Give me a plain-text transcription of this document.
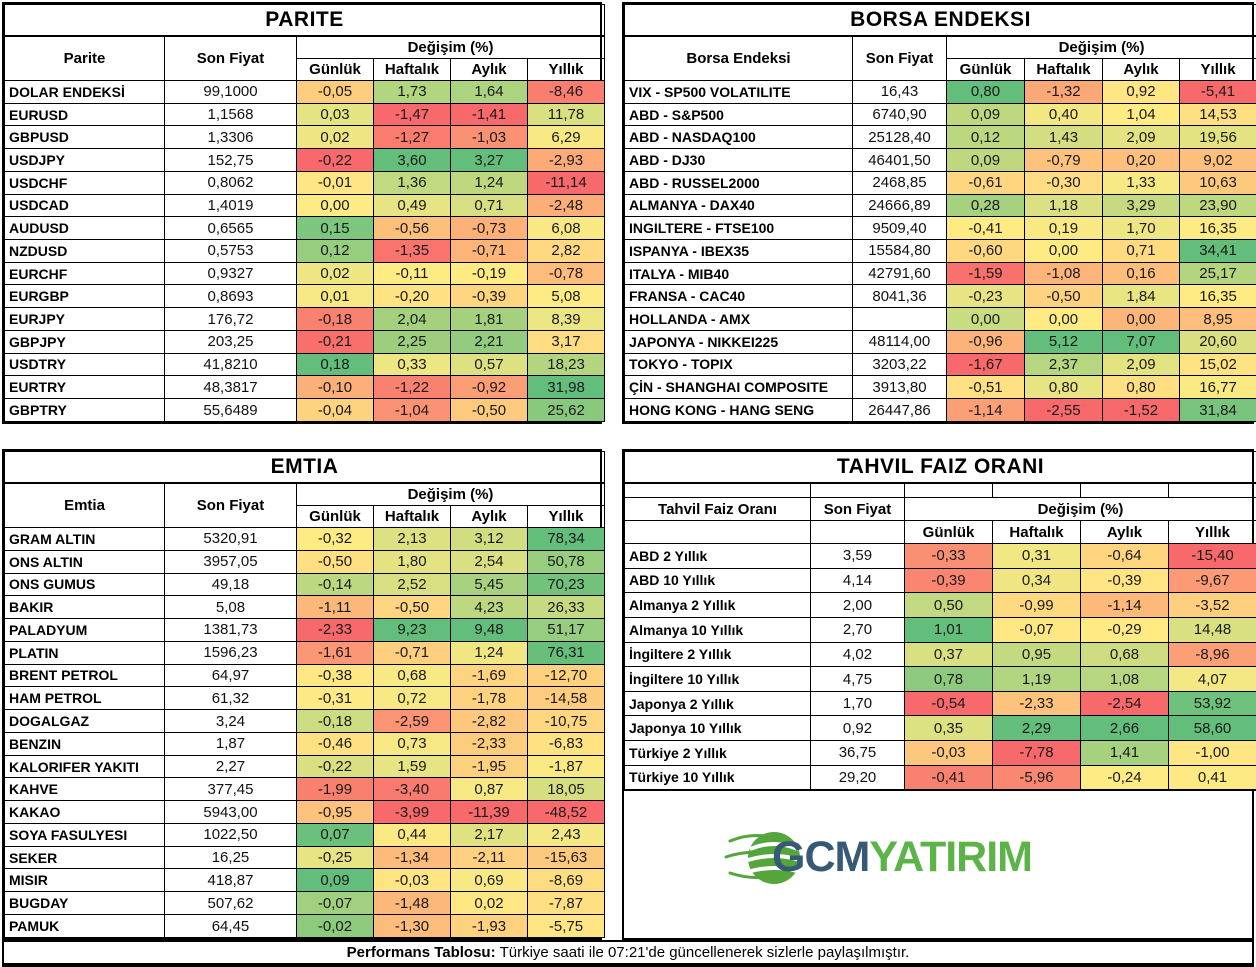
PARITE					
Parite	Son Fiyat	Değişim (%)			
		Günlük	Haftalık	Aylık	Yıllık
DOLAR ENDEKSİ	99,1000	-0,05	1,73	1,64	-8,46
EURUSD	1,1568	0,03	-1,47	-1,41	11,78
GBPUSD	1,3306	0,02	-1,27	-1,03	6,29
USDJPY	152,75	-0,22	3,60	3,27	-2,93
USDCHF	0,8062	-0,01	1,36	1,24	-11,14
USDCAD	1,4019	0,00	0,49	0,71	-2,48
AUDUSD	0,6565	0,15	-0,56	-0,73	6,08
NZDUSD	0,5753	0,12	-1,35	-0,71	2,82
EURCHF	0,9327	0,02	-0,11	-0,19	-0,78
EURGBP	0,8693	0,01	-0,20	-0,39	5,08
EURJPY	176,72	-0,18	2,04	1,81	8,39
GBPJPY	203,25	-0,21	2,25	2,21	3,17
USDTRY	41,8210	0,18	0,33	0,57	18,23
EURTRY	48,3817	-0,10	-1,22	-0,92	31,98
GBPTRY	55,6489	-0,04	-1,04	-0,50	25,62
BORSA ENDEKSI					
Borsa Endeksi	Son Fiyat	Değişim (%)			
		Günlük	Haftalık	Aylık	Yıllık
VIX - SP500 VOLATILITE	16,43	0,80	-1,32	0,92	-5,41
ABD - S&P500	6740,90	0,09	0,40	1,04	14,53
ABD - NASDAQ100	25128,40	0,12	1,43	2,09	19,56
ABD - DJ30	46401,50	0,09	-0,79	0,20	9,02
ABD - RUSSEL2000	2468,85	-0,61	-0,30	1,33	10,63
ALMANYA - DAX40	24666,89	0,28	1,18	3,29	23,90
INGILTERE - FTSE100	9509,40	-0,41	0,19	1,70	16,35
ISPANYA - IBEX35	15584,80	-0,60	0,00	0,71	34,41
ITALYA - MIB40	42791,60	-1,59	-1,08	0,16	25,17
FRANSA - CAC40	8041,36	-0,23	-0,50	1,84	16,35
HOLLANDA - AMX		0,00	0,00	0,00	8,95
JAPONYA - NIKKEI225	48114,00	-0,96	5,12	7,07	20,60
TOKYO - TOPIX	3203,22	-1,67	2,37	2,09	15,02
ÇİN - SHANGHAI COMPOSITE	3913,80	-0,51	0,80	0,80	16,77
HONG KONG - HANG SENG	26447,86	-1,14	-2,55	-1,52	31,84
EMTIA					
Emtia	Son Fiyat	Değişim (%)			
		Günlük	Haftalık	Aylık	Yıllık
GRAM ALTIN	5320,91	-0,32	2,13	3,12	78,34
ONS ALTIN	3957,05	-0,50	1,80	2,54	50,78
ONS GUMUS	49,18	-0,14	2,52	5,45	70,23
BAKIR	5,08	-1,11	-0,50	4,23	26,33
PALADYUM	1381,73	-2,33	9,23	9,48	51,17
PLATIN	1596,23	-1,61	-0,71	1,24	76,31
BRENT PETROL	64,97	-0,38	0,68	-1,69	-12,70
HAM PETROL	61,32	-0,31	0,72	-1,78	-14,58
DOGALGAZ	3,24	-0,18	-2,59	-2,82	-10,75
BENZIN	1,87	-0,46	0,73	-2,33	-6,83
KALORIFER YAKITI	2,27	-0,22	1,59	-1,95	-1,87
KAHVE	377,45	-1,99	-3,40	0,87	18,05
KAKAO	5943,00	-0,95	-3,99	-11,39	-48,52
SOYA FASULYESI	1022,50	0,07	0,44	2,17	2,43
SEKER	16,25	-0,25	-1,34	-2,11	-15,63
MISIR	418,87	0,09	-0,03	0,69	-8,69
BUGDAY	507,62	-0,07	-1,48	0,02	-7,87
PAMUK	64,45	-0,02	-1,30	-1,93	-5,75
TAHVIL FAIZ ORANI					

Tahvil Faiz Oranı	Son Fiyat	Değişim (%)			
		Günlük	Haftalık	Aylık	Yıllık
ABD 2 Yıllık	3,59	-0,33	0,31	-0,64	-15,40
ABD 10 Yıllık	4,14	-0,39	0,34	-0,39	-9,67
Almanya 2 Yıllık	2,00	0,50	-0,99	-1,14	-3,52
Almanya 10 Yıllık	2,70	1,01	-0,07	-0,29	14,48
İngiltere 2 Yıllık	4,02	0,37	0,95	0,68	-8,96
İngiltere 10 Yıllık	4,75	0,78	1,19	1,08	4,07
Japonya 2 Yıllık	1,70	-0,54	-2,33	-2,54	53,92
Japonya 10 Yıllık	0,92	0,35	2,29	2,66	58,60
Türkiye 2 Yıllık	36,75	-0,03	-7,78	1,41	-1,00
Türkiye 10 Yıllık	29,20	-0,41	-5,96	-0,24	0,41
GCM YATIRIM
Performans Tablosu: Türkiye saati ile 07:21'de güncellenerek sizlerle paylaşılmıştır.
